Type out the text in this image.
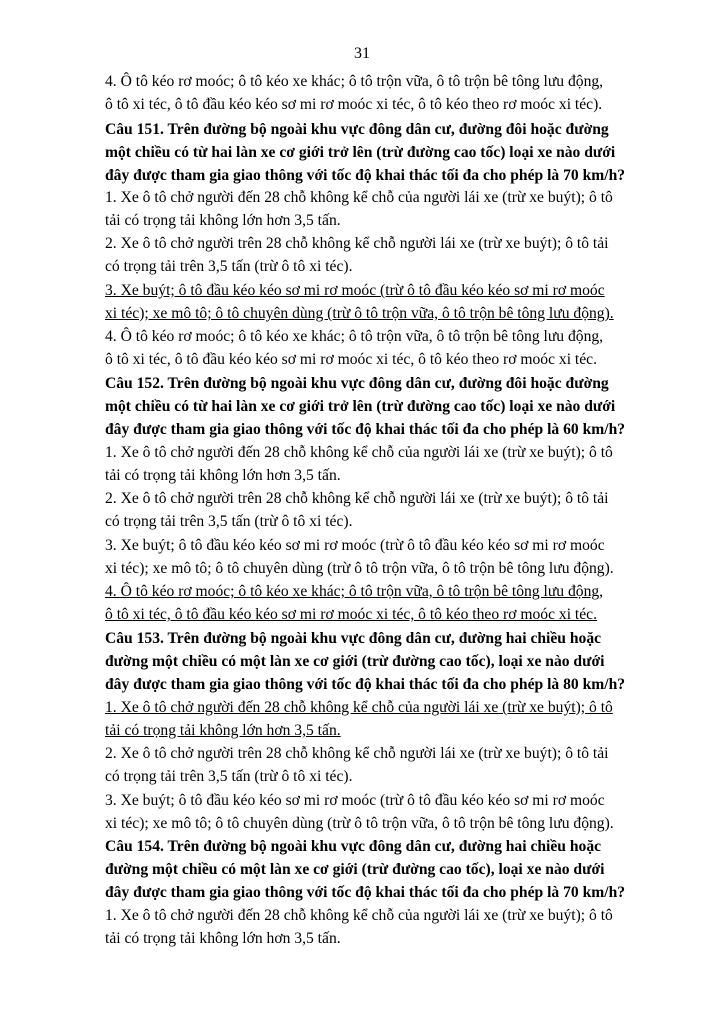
31
4. Ô tô kéo rơ moóc; ô tô kéo xe khác; ô tô trộn vữa, ô tô trộn bê tông lưu động,
ô tô xi téc, ô tô đầu kéo kéo sơ mi rơ moóc xi téc, ô tô kéo theo rơ moóc xi téc).
Câu 151. Trên đường bộ ngoài khu vực đông dân cư, đường đôi hoặc đường
một chiều có từ hai làn xe cơ giới trở lên (trừ đường cao tốc) loại xe nào dưới
đây được tham gia giao thông với tốc độ khai thác tối đa cho phép là 70 km/h?
1. Xe ô tô chở người đến 28 chỗ không kể chỗ của người lái xe (trừ xe buýt); ô tô
tải có trọng tải không lớn hơn 3,5 tấn.
2. Xe ô tô chở người trên 28 chỗ không kể chỗ người lái xe (trừ xe buýt); ô tô tải
có trọng tải trên 3,5 tấn (trừ ô tô xi téc).
3. Xe buýt; ô tô đầu kéo kéo sơ mi rơ moóc (trừ ô tô đầu kéo kéo sơ mi rơ moóc
xi téc); xe mô tô; ô tô chuyên dùng (trừ ô tô trộn vữa, ô tô trộn bê tông lưu động).
4. Ô tô kéo rơ moóc; ô tô kéo xe khác; ô tô trộn vữa, ô tô trộn bê tông lưu động,
ô tô xi téc, ô tô đầu kéo kéo sơ mi rơ moóc xi téc, ô tô kéo theo rơ moóc xi téc.
Câu 152. Trên đường bộ ngoài khu vực đông dân cư, đường đôi hoặc đường
một chiều có từ hai làn xe cơ giới trở lên (trừ đường cao tốc) loại xe nào dưới
đây được tham gia giao thông với tốc độ khai thác tối đa cho phép là 60 km/h?
1. Xe ô tô chở người đến 28 chỗ không kể chỗ của người lái xe (trừ xe buýt); ô tô
tải có trọng tải không lớn hơn 3,5 tấn.
2. Xe ô tô chở người trên 28 chỗ không kể chỗ người lái xe (trừ xe buýt); ô tô tải
có trọng tải trên 3,5 tấn (trừ ô tô xi téc).
3. Xe buýt; ô tô đầu kéo kéo sơ mi rơ moóc (trừ ô tô đầu kéo kéo sơ mi rơ moóc
xi téc); xe mô tô; ô tô chuyên dùng (trừ ô tô trộn vữa, ô tô trộn bê tông lưu động).
4. Ô tô kéo rơ moóc; ô tô kéo xe khác; ô tô trộn vữa, ô tô trộn bê tông lưu động,
ô tô xi téc, ô tô đầu kéo kéo sơ mi rơ moóc xi téc, ô tô kéo theo rơ moóc xi téc.
Câu 153. Trên đường bộ ngoài khu vực đông dân cư, đường hai chiều hoặc
đường một chiều có một làn xe cơ giới (trừ đường cao tốc), loại xe nào dưới
đây được tham gia giao thông với tốc độ khai thác tối đa cho phép là 80 km/h?
1. Xe ô tô chở người đến 28 chỗ không kể chỗ của người lái xe (trừ xe buýt); ô tô
tải có trọng tải không lớn hơn 3,5 tấn.
2. Xe ô tô chở người trên 28 chỗ không kể chỗ người lái xe (trừ xe buýt); ô tô tải
có trọng tải trên 3,5 tấn (trừ ô tô xi téc).
3. Xe buýt; ô tô đầu kéo kéo sơ mi rơ moóc (trừ ô tô đầu kéo kéo sơ mi rơ moóc
xi téc); xe mô tô; ô tô chuyên dùng (trừ ô tô trộn vữa, ô tô trộn bê tông lưu động).
Câu 154. Trên đường bộ ngoài khu vực đông dân cư, đường hai chiều hoặc
đường một chiều có một làn xe cơ giới (trừ đường cao tốc), loại xe nào dưới
đây được tham gia giao thông với tốc độ khai thác tối đa cho phép là 70 km/h?
1. Xe ô tô chở người đến 28 chỗ không kể chỗ của người lái xe (trừ xe buýt); ô tô
tải có trọng tải không lớn hơn 3,5 tấn.
